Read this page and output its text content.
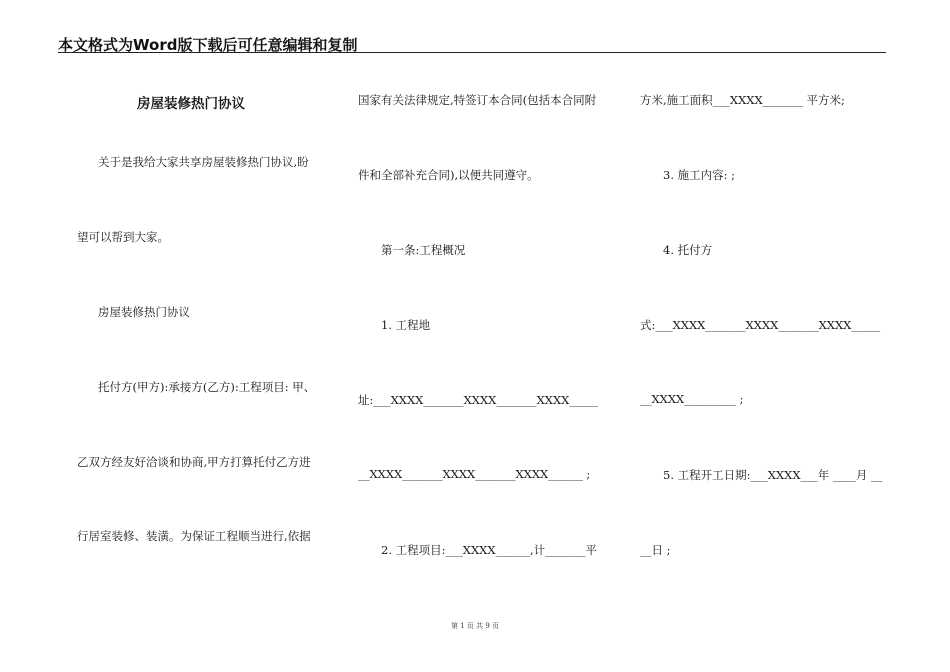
本文格式为Word版下载后可任意编辑和复制
房屋装修热门协议
关于是我给大家共享房屋装修热门协议,盼
望可以帮到大家。
房屋装修热门协议
托付方(甲方):承接方(乙方):工程项目: 甲、
乙双方经友好洽谈和协商,甲方打算托付乙方进
行居室装修、装潢。为保证工程顺当进行,依据
国家有关法律规定,特签订本合同(包括本合同附
件和全部补充合同),以便共同遵守。
第一条:工程概况
1. 工程地
址:___XXXX_______XXXX_______XXXX_____
__XXXX_______XXXX_______XXXX______ ;
2. 工程项目:___XXXX______,计_______平
方米,施工面积___XXXX_______ 平方米;
3. 施工内容: ;
4. 托付方
式:___XXXX_______XXXX_______XXXX_____
__XXXX_________ ;
5. 工程开工日期:___XXXX___年 ____月 __
__日 ;
第 1 页 共 9 页
